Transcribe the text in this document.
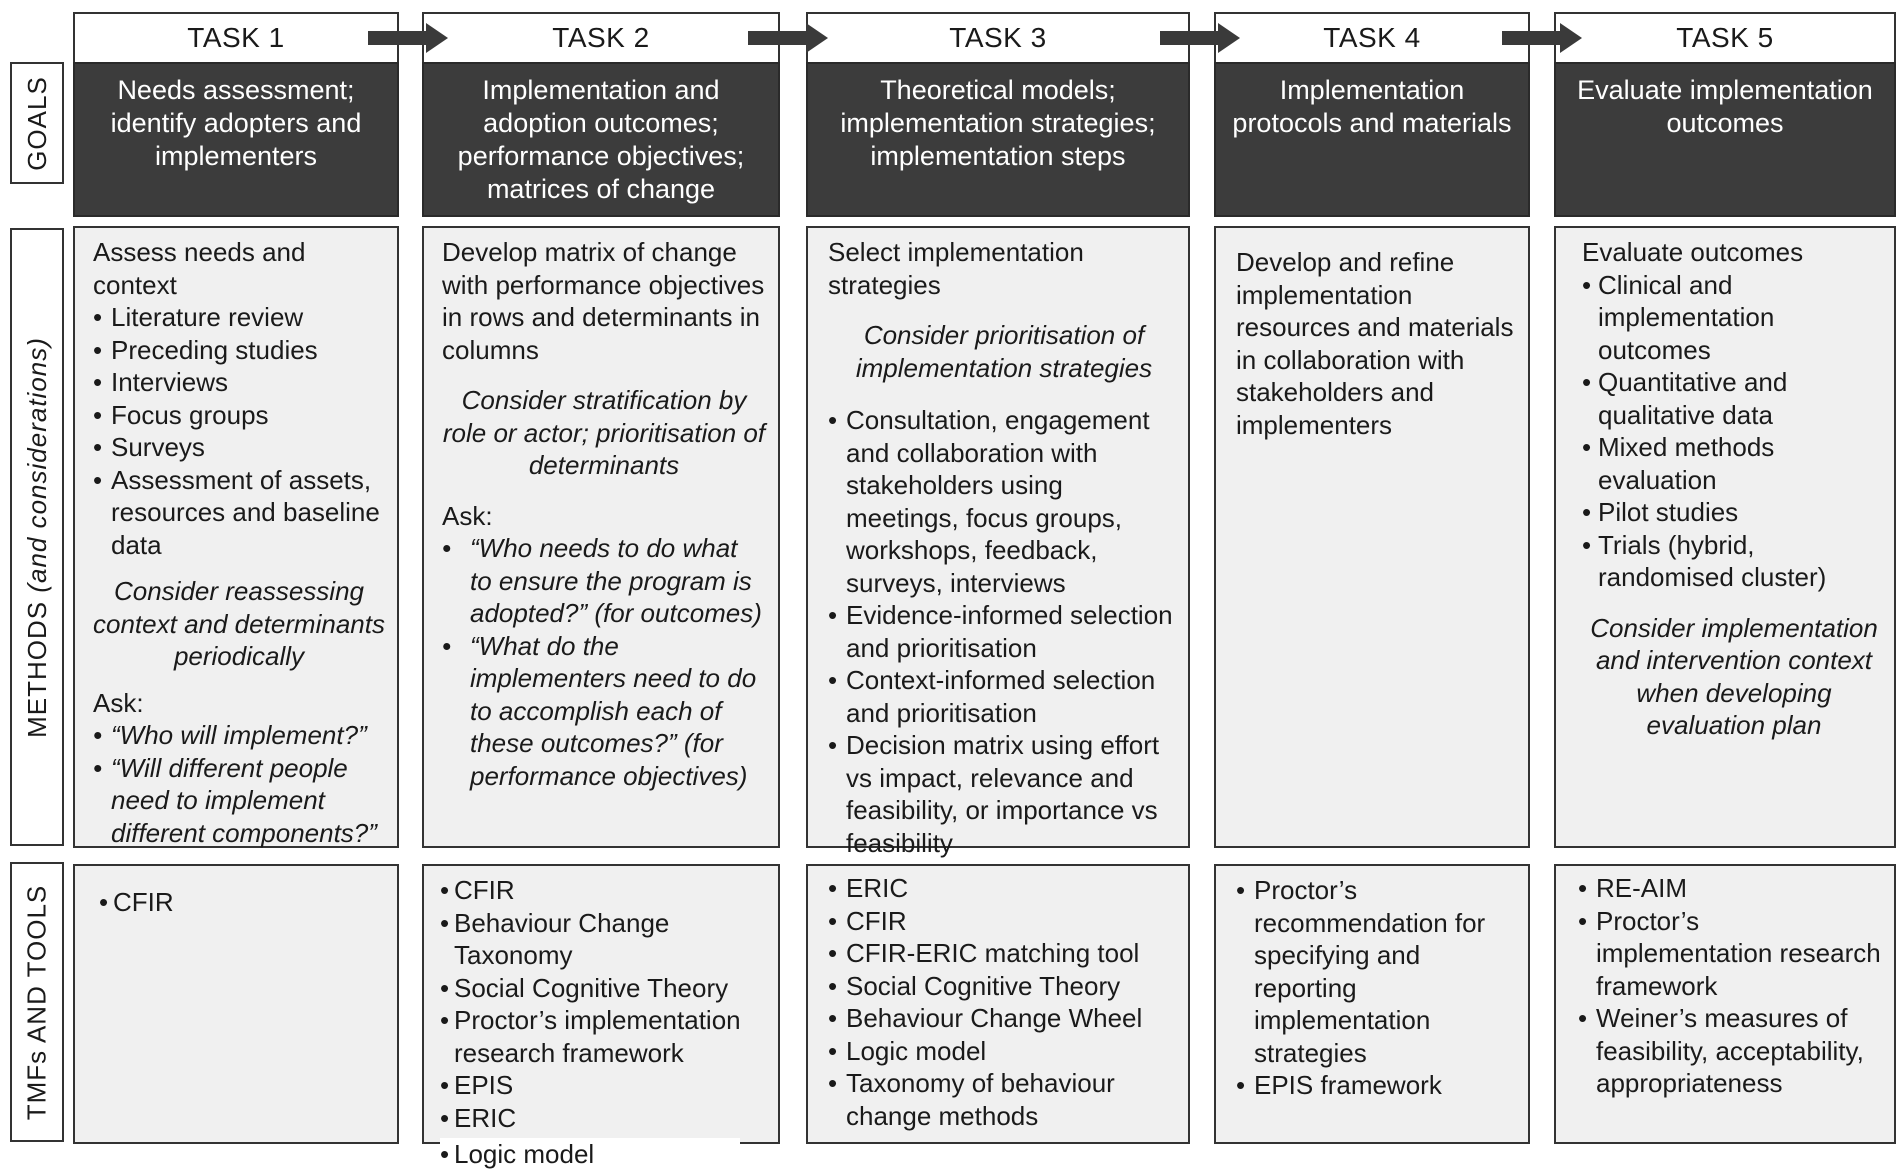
GOALS
METHODS (and considerations)
TMFs AND TOOLS
TASK 1	TASK 2	TASK 3	TASK 4	TASK 5
Needs assessment; identify adopters and implementers
Implementation and adoption outcomes; performance objectives; matrices of change
Theoretical models; implementation strategies; implementation steps
Implementation protocols and materials
Evaluate implementation outcomes

Assess needs and context

• Literature review
• Preceding studies
• Interviews
• Focus groups
• Surveys
• Assessment of assets, resources and baseline data

Consider reassessing context and determinants periodically

Ask:

• “Who will implement?”
• “Will different people need to implement different components?”

Develop matrix of change with performance objectives in rows and determinants in columns

Consider stratification by role or actor; prioritisation of determinants

Ask:

• “Who needs to do what to ensure the program is adopted?” (for outcomes)
• “What do the implementers need to do to accomplish each of these outcomes?” (for performance objectives)

Select implementation strategies

Consider prioritisation of implementation strategies

• Consultation, engagement and collaboration with stakeholders using meetings, focus groups, workshops, feedback, surveys, interviews
• Evidence-informed selection and prioritisation
• Context-informed selection and prioritisation
• Decision matrix using effort vs impact, relevance and feasibility, or importance vs feasibility

Develop and refine implementation resources and materials in collaboration with stakeholders and implementers

Evaluate outcomes

• Clinical and implementation outcomes
• Quantitative and qualitative data
• Mixed methods evaluation
• Pilot studies
• Trials (hybrid, randomised cluster)

Consider implementation and intervention context when developing evaluation plan

• CFIR
•	CFIR
• Behaviour Change Taxonomy
• Social Cognitive Theory
• Proctor’s implementation research framework
• EPIS
• ERIC
• Logic model
• ERIC
• CFIR
• CFIR-ERIC matching tool
• Social Cognitive Theory
• Behaviour Change Wheel
• Logic model
• Taxonomy of behaviour change methods
• Proctor’s recommendation for specifying and reporting implementation strategies
• EPIS framework
• RE-AIM
• Proctor’s implementation research framework
• Weiner’s measures of feasibility, acceptability, appropriateness
